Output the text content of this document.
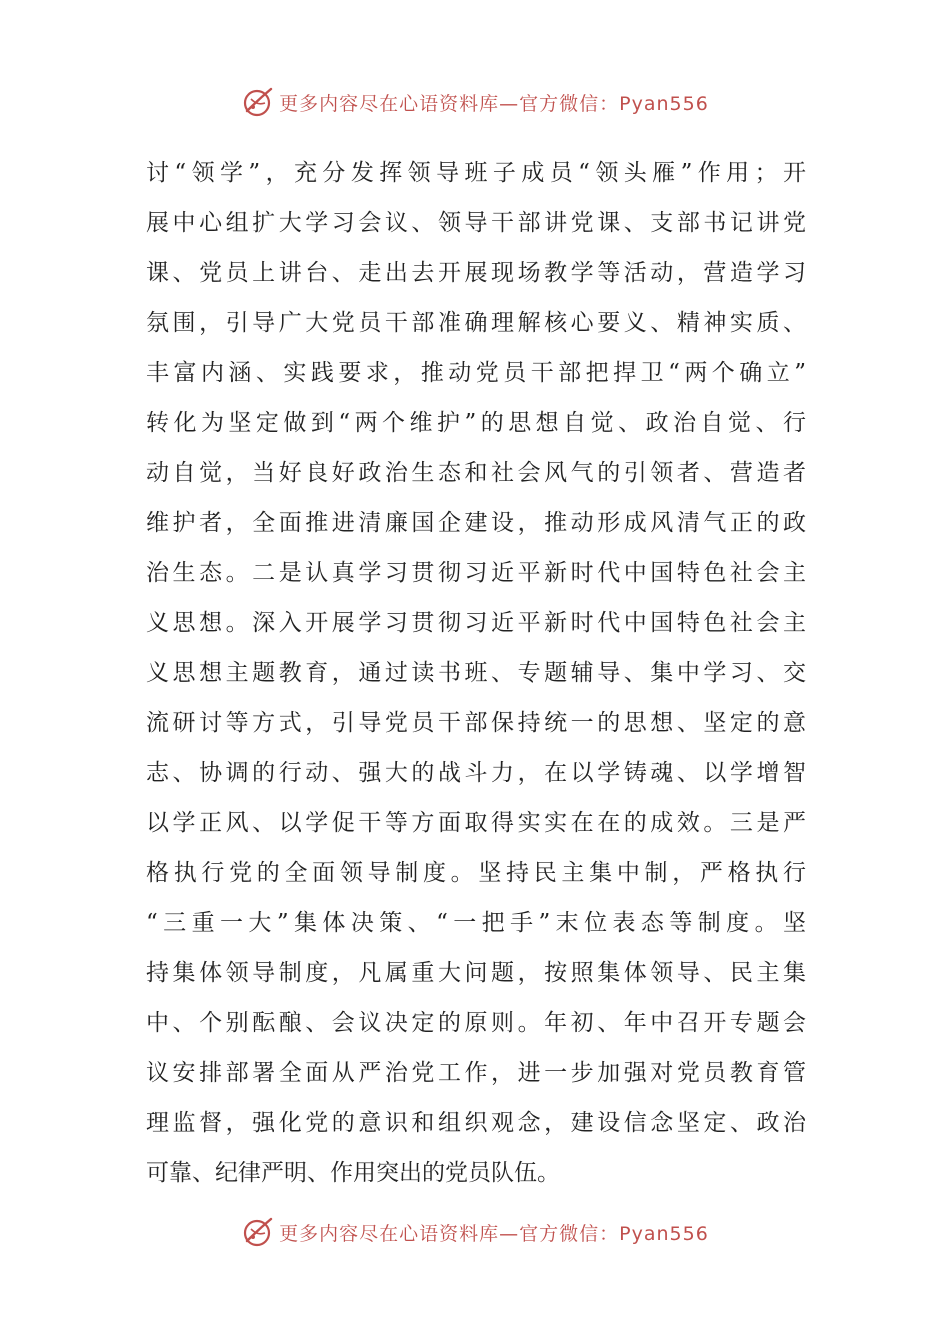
更多内容尽在心语资料库—官方微信：Pyan556
讨“领学”，充分发挥领导班子成员“领头雁”作用；开
展中心组扩大学习会议、领导干部讲党课、支部书记讲党
课、党员上讲台、走出去开展现场教学等活动，营造学习
氛围，引导广大党员干部准确理解核心要义、精神实质、
丰富内涵、实践要求，推动党员干部把捍卫“两个确立”
转化为坚定做到“两个维护”的思想自觉、政治自觉、行
动自觉，当好良好政治生态和社会风气的引领者、营造者
维护者，全面推进清廉国企建设，推动形成风清气正的政
治生态。二是认真学习贯彻习近平新时代中国特色社会主
义思想。深入开展学习贯彻习近平新时代中国特色社会主
义思想主题教育，通过读书班、专题辅导、集中学习、交
流研讨等方式，引导党员干部保持统一的思想、坚定的意
志、协调的行动、强大的战斗力，在以学铸魂、以学增智
以学正风、以学促干等方面取得实实在在的成效。三是严
格执行党的全面领导制度。坚持民主集中制，严格执行
“三重一大”集体决策、“一把手”末位表态等制度。坚
持集体领导制度，凡属重大问题，按照集体领导、民主集
中、个别酝酿、会议决定的原则。年初、年中召开专题会
议安排部署全面从严治党工作，进一步加强对党员教育管
理监督，强化党的意识和组织观念，建设信念坚定、政治
可靠、纪律严明、作用突出的党员队伍。
更多内容尽在心语资料库—官方微信：Pyan556
